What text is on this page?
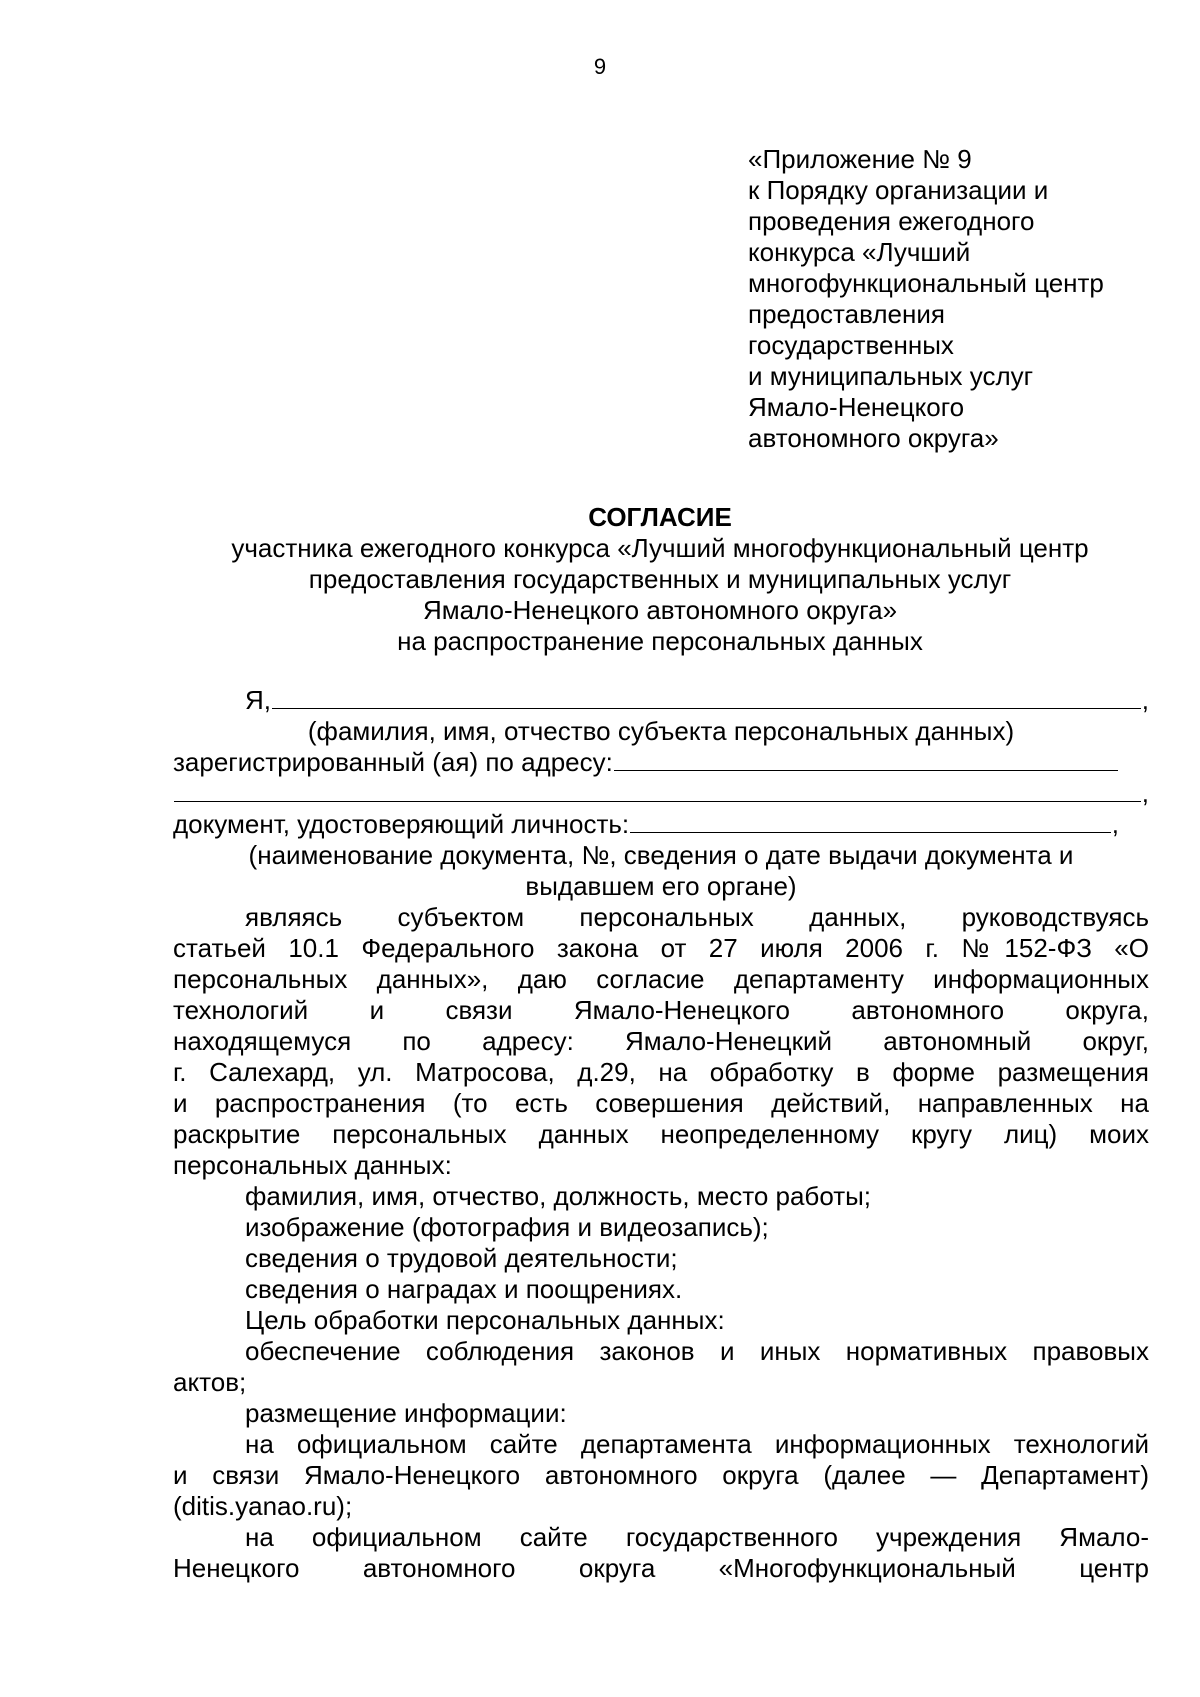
9
«Приложение № 9
к Порядку организации и
проведения ежегодного
конкурса «Лучший
многофункциональный центр
предоставления
государственных
и муниципальных услуг
Ямало-Ненецкого
автономного округа»
СОГЛАСИЕ
участника ежегодного конкурса «Лучший многофункциональный центр
предоставления государственных и муниципальных услуг
Ямало-Ненецкого автономного округа»
на распространение персональных данных
Я,	,
(фамилия, имя, отчество субъекта персональных данных)
зарегистрированный (ая) по адресу:
,
документ, удостоверяющий личность:	,
(наименование документа, №, сведения о дате выдачи документа и
выдавшем его органе)
являясь субъектом персональных данных, руководствуясь
статьей 10.1 Федерального закона от 27 июля 2006 г. №152-ФЗ «О
персональных данных», даю согласие департаменту информационных
технологий и связи Ямало-Ненецкого автономного округа,
находящемуся по адресу: Ямало-Ненецкий автономный округ,
г. Салехард, ул. Матросова, д.29, на обработку в форме размещения
и распространения (то есть совершения действий, направленных на
раскрытие персональных данных неопределенному кругу лиц) моих
персональных данных:
фамилия, имя, отчество, должность, место работы;
изображение (фотография и видеозапись);
сведения о трудовой деятельности;
сведения о наградах и поощрениях.
Цель обработки персональных данных:
обеспечение соблюдения законов и иных нормативных правовых
актов;
размещение информации:
на официальном сайте департамента информационных технологий
и связи Ямало-Ненецкого автономного округа (далее — Департамент)
(ditis.yanao.ru);
на официальном сайте государственного учреждения Ямало-
Ненецкого автономного округа «Многофункциональный центр
